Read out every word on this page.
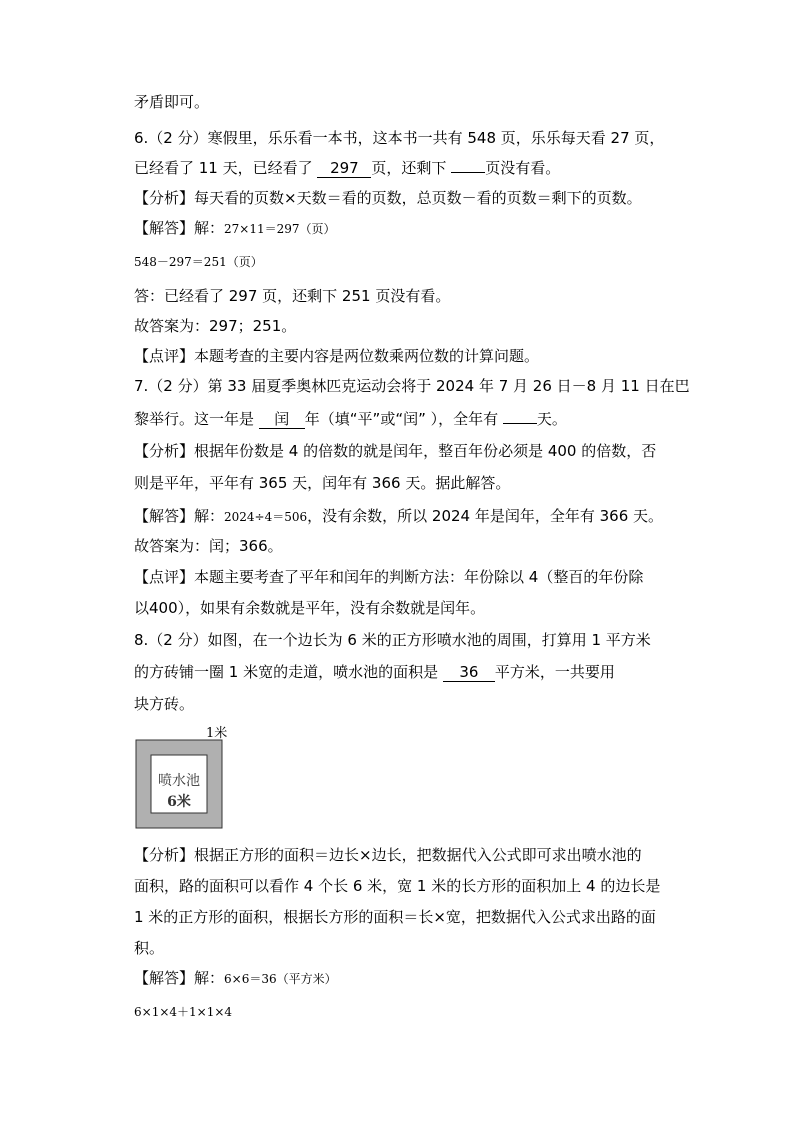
矛盾即可。
6.（2 分）寒假里，乐乐看一本书，这本书一共有 548 页，乐乐每天看 27 页，
已经看了 11 天，已经看了 297 页，还剩下 页没有看。
【分析】每天看的页数×天数＝看的页数，总页数－看的页数＝剩下的页数。
【解答】解：27×11＝297（页）
548－297＝251（页）
答：已经看了 297 页，还剩下 251 页没有看。
故答案为：297；251。
【点评】本题考查的主要内容是两位数乘两位数的计算问题。
7.（2 分）第 33 届夏季奥林匹克运动会将于 2024 年 7 月 26 日－8 月 11 日在巴
黎举行。这一年是 闰 年（填“平”或“闰” ），全年有 天。
【分析】根据年份数是 4 的倍数的就是闰年，整百年份必须是 400 的倍数，否
则是平年，平年有 365 天，闰年有 366 天。据此解答。
【解答】解：2024÷4＝506，没有余数，所以 2024 年是闰年，全年有 366 天。
故答案为：闰；366。
【点评】本题主要考查了平年和闰年的判断方法：年份除以 4（整百的年份除
以400），如果有余数就是平年，没有余数就是闰年。
8.（2 分）如图，在一个边长为 6 米的正方形喷水池的周围，打算用 1 平方米
的方砖铺一圈 1 米宽的走道，喷水池的面积是 36 平方米，一共要用
块方砖。
1米
喷水池
6米
【分析】根据正方形的面积＝边长×边长，把数据代入公式即可求出喷水池的
面积，路的面积可以看作 4 个长 6 米，宽 1 米的长方形的面积加上 4 的边长是
1 米的正方形的面积，根据长方形的面积＝长×宽，把数据代入公式求出路的面
积。
【解答】解：6×6＝36（平方米）
6×1×4＋1×1×4
